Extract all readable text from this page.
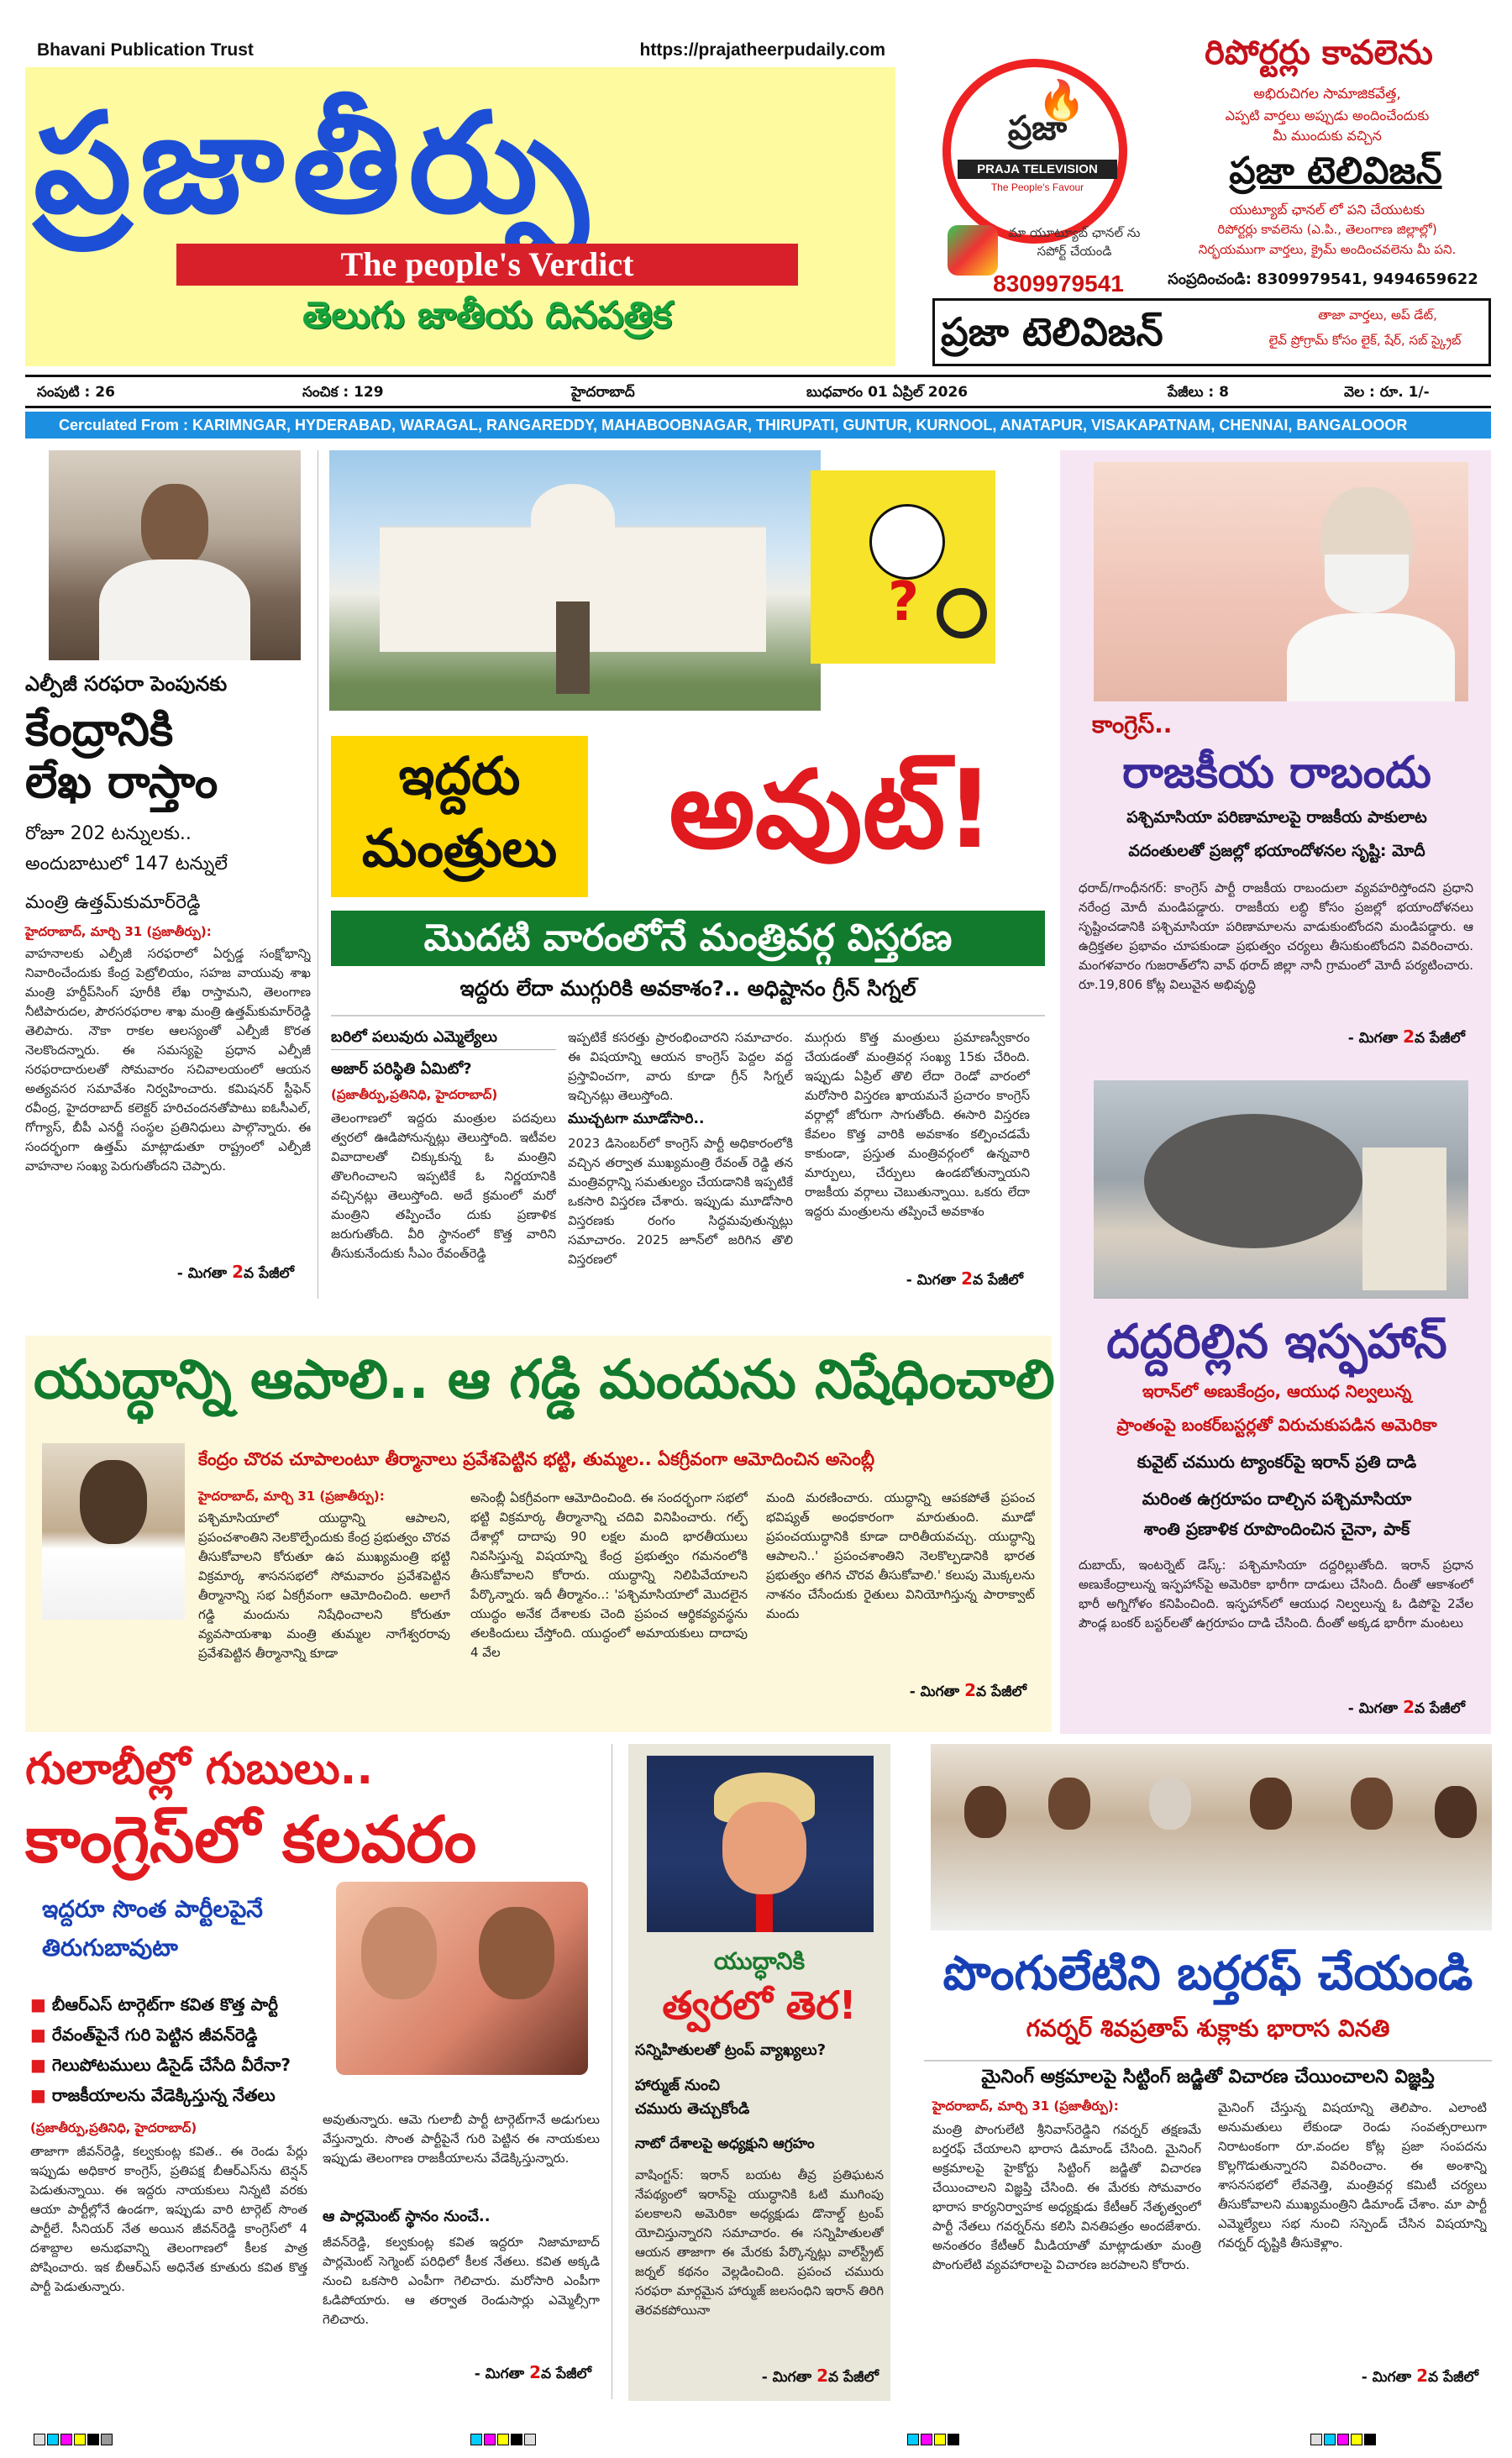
Bhavani Publication Trust	https://prajatheerpudaily.com
ప్రజాతీర్పు
The people's Verdict
తెలుగు జాతీయ దినపత్రిక
రిపోర్టర్లు కావలెను
ప్రజా
🔥
PRAJA TELEVISION
The People's Favour
అభిరుచిగల సామాజికవేత్త,
ఎప్పటి వార్తలు అప్పుడు అందించేందుకు
మీ ముందుకు వచ్చిన
ప్రజా టెలివిజన్
యుట్యూబ్ ఛానల్ లో పని చేయుటకు
రిపోర్టర్లు కావలెను (ఎ.పి., తెలంగాణ జిల్లాల్లో)
నిర్భయముగా వార్తలు, క్రైమ్ అందించవలెను మీ పని.
మా యూట్యూబ్ ఛానల్ ను సపోర్ట్ చేయండి
8309979541	సంప్రదించండి: 8309979541, 9494659622
ప్రజా టెలివిజన్	తాజా వార్తలు, అప్ డేట్,
లైవ్ ప్రోగ్రామ్ కోసం లైక్, షేర్, సబ్ స్క్రైబ్
సంపుటి : 26	సంచిక : 129	హైదరాబాద్	బుధవారం 01 ఏప్రిల్ 2026	పేజీలు : 8	వెల : రూ. 1/-
Cerculated From : KARIMNGAR, HYDERABAD, WARAGAL, RANGAREDDY, MAHABOOBNAGAR, THIRUPATI, GUNTUR, KURNOOL, ANATAPUR, VISAKAPATNAM, CHENNAI, BANGALOOOR
ఎల్పీజీ సరఫరా పెంపునకు
కేంద్రానికి
లేఖ రాస్తాం
రోజూ 202 టన్నులకు..
అందుబాటులో 147 టన్నులే
మంత్రి ఉత్తమ్‌కుమార్‌రెడ్డి
హైదరాబాద్, మార్చి 31 (ప్రజాతీర్పు):
వాహనాలకు ఎల్పీజీ సరఫరాలో ఏర్పడ్డ సంక్షోభాన్ని నివారించేందుకు కేంద్ర పెట్రోలియం, సహజ వాయువు శాఖ మంత్రి హర్దీప్‌సింగ్ పూరీకి లేఖ రాస్తామని, తెలంగాణ నీటిపారుదల, పౌరసరఫరాల శాఖ మంత్రి ఉత్తమ్‌కుమార్‌రెడ్డి తెలిపారు. నౌకా రాకల ఆలస్యంతో ఎల్పీజీ కొరత నెలకొందన్నారు. ఈ సమస్యపై ప్రధాన ఎల్పీజీ సరఫరాదారులతో సోమవారం సచివాలయంలో ఆయన అత్యవసర సమావేశం నిర్వహించారు. కమిషనర్ స్టీఫెన్ రవీంద్ర, హైదరాబాద్ కలెక్టర్ హరిచందనతోపాటు ఐఓసీఎల్, గోగ్యాస్, బీపీ ఎనర్జీ సంస్థల ప్రతినిధులు పాల్గొన్నారు. ఈ సందర్భంగా ఉత్తమ్ మాట్లాడుతూ రాష్ట్రంలో ఎల్పీజీ వాహనాల సంఖ్య పెరుగుతోందని చెప్పారు.
- మిగతా 2వ పేజీలో
?
ఇద్దరు
మంత్రులు	అవుట్!
మొదటి వారంలోనే మంత్రివర్గ విస్తరణ
ఇద్దరు లేదా ముగ్గురికి అవకాశం?.. అధిష్టానం గ్రీన్ సిగ్నల్
బరిలో పలువురు ఎమ్మెల్యేలు
అజార్ పరిస్థితి ఏమిటో?
(ప్రజాతీర్పు,ప్రతినిధి, హైదరాబాద్)
తెలంగాణలో ఇద్దరు మంత్రుల పదవులు త్వరలో ఊడిపోనున్నట్లు తెలుస్తోంది. ఇటీవల వివాదాలతో చిక్కుకున్న ఓ మంత్రిని తొలగించాలని ఇప్పటికే ఓ నిర్ణయానికి వచ్చినట్లు తెలుస్తోంది. అదే క్రమంలో మరో మంత్రిని తప్పించేం దుకు ప్రణాళిక జరుగుతోంది. వీరి స్థానంలో కొత్త వారిని తీసుకునేందుకు సీఎం రేవంత్‌రెడ్డి
ఇప్పటికే కసరత్తు ప్రారంభించారని సమాచారం. ఈ విషయాన్ని ఆయన కాంగ్రెస్ పెద్దల వద్ద ప్రస్తావించగా, వారు కూడా గ్రీన్ సిగ్నల్ ఇచ్చినట్లు తెలుస్తోంది.
ముచ్చటగా మూడోసారి..
2023 డిసెంబర్‌లో కాంగ్రెస్ పార్టీ అధికారంలోకి వచ్చిన తర్వాత ముఖ్యమంత్రి రేవంత్ రెడ్డి తన మంత్రివర్గాన్ని సమతుల్యం చేయడానికి ఇప్పటికే ఒకసారి విస్తరణ చేశారు. ఇప్పుడు మూడోసారి విస్తరణకు రంగం సిద్ధమవుతున్నట్లు సమాచారం. 2025 జూన్‌లో జరిగిన తొలి విస్తరణలో
ముగ్గురు కొత్త మంత్రులు ప్రమాణస్వీకారం చేయడంతో మంత్రివర్గ సంఖ్య 15కు చేరింది. ఇప్పుడు ఏప్రిల్ తొలి లేదా రెండో వారంలో మరోసారి విస్తరణ ఖాయమనే ప్రచారం కాంగ్రెస్ వర్గాల్లో జోరుగా సాగుతోంది. ఈసారి విస్తరణ కేవలం కొత్త వారికి అవకాశం కల్పించడమే కాకుండా, ప్రస్తుత మంత్రివర్గంలో ఉన్నవారి మార్పులు, చేర్పులు ఉండబోతున్నాయని రాజకీయ వర్గాలు చెబుతున్నాయి. ఒకరు లేదా ఇద్దరు మంత్రులను తప్పించే అవకాశం
- మిగతా 2వ పేజీలో
కాంగ్రెస్..
రాజకీయ రాబందు
పశ్చిమాసియా పరిణామాలపై రాజకీయ పాకులాట
వదంతులతో ప్రజల్లో భయాందోళనల సృష్టి: మోదీ
ధరాద్/గాంధీనగర్: కాంగ్రెస్ పార్టీ రాజకీయ రాబందులా వ్యవహరిస్తోందని ప్రధాని నరేంద్ర మోదీ మండిపడ్డారు. రాజకీయ లబ్ధి కోసం ప్రజల్లో భయాందోళనలు సృష్టించడానికి పశ్చిమాసియా పరిణామాలను వాడుకుంటోందని మండిపడ్డారు. ఆ ఉద్రిక్తతల ప్రభావం చూపకుండా ప్రభుత్వం చర్యలు తీసుకుంటోందని వివరించారు. మంగళవారం గుజరాత్‌లోని వావ్ థరాద్ జిల్లా నానీ గ్రామంలో మోదీ పర్యటించారు. రూ.19,806 కోట్ల విలువైన అభివృద్ధి
- మిగతా 2వ పేజీలో
దద్దరిల్లిన ఇస్ఫహాన్
ఇరాన్‌లో అణుకేంద్రం, ఆయుధ నిల్వలున్న
ప్రాంతంపై బంకర్‌బస్టర్లతో విరుచుకుపడిన అమెరికా
కువైట్ చమురు ట్యాంకర్‌పై ఇరాన్ ప్రతి దాడి
మరింత ఉగ్రరూపం దాల్చిన పశ్చిమాసియా
శాంతి ప్రణాళిక రూపొందించిన చైనా, పాక్
దుబాయ్, ఇంటర్నెట్ డెస్క్: పశ్చిమాసియా దద్దరిల్లుతోంది. ఇరాన్ ప్రధాన అణుకేంద్రాలున్న ఇస్ఫహాన్‌పై అమెరికా భారీగా దాడులు చేసింది. దీంతో ఆకాశంలో భారీ అగ్నిగోళం కనిపించింది. ఇస్ఫహాన్‌లో ఆయుధ నిల్వలున్న ఓ డిపోపై 2వేల పౌండ్ల బంకర్ బస్టర్‌లతో ఉగ్రరూపం దాడి చేసింది. దీంతో అక్కడ భారీగా మంటలు
- మిగతా 2వ పేజీలో
యుద్ధాన్ని ఆపాలి.. ఆ గడ్డి మందును నిషేధించాలి
కేంద్రం చొరవ చూపాలంటూ తీర్మానాలు ప్రవేశపెట్టిన భట్టి, తుమ్మల.. ఏకగ్రీవంగా ఆమోదించిన అసెంబ్లీ
హైదరాబాద్, మార్చి 31 (ప్రజాతీర్పు):
పశ్చిమాసియాలో యుద్ధాన్ని ఆపాలని, ప్రపంచశాంతిని నెలకొల్పేందుకు కేంద్ర ప్రభుత్వం చొరవ తీసుకోవాలని కోరుతూ ఉప ముఖ్యమంత్రి భట్టి విక్రమార్క శాసనసభలో సోమవారం ప్రవేశపెట్టిన తీర్మానాన్ని సభ ఏకగ్రీవంగా ఆమోదించింది. అలాగే గడ్డి మందును నిషేధించాలని కోరుతూ వ్యవసాయశాఖ మంత్రి తుమ్మల నాగేశ్వరరావు ప్రవేశపెట్టిన తీర్మానాన్ని కూడా
అసెంబ్లీ ఏకగ్రీవంగా ఆమోదించింది. ఈ సందర్భంగా సభలో భట్టి విక్రమార్క తీర్మానాన్ని చదివి వినిపించారు. గల్ఫ్ దేశాల్లో దాదాపు 90 లక్షల మంది భారతీయులు నివసిస్తున్న విషయాన్ని కేంద్ర ప్రభుత్వం గమనంలోకి తీసుకోవాలని కోరారు. యుద్ధాన్ని నిలిపివేయాలని పేర్కొన్నారు. ఇదీ తీర్మానం..: 'పశ్చిమాసియాలో మొదలైన యుద్ధం అనేక దేశాలకు చెంది ప్రపంచ ఆర్థికవ్యవస్థను తలకిందులు చేస్తోంది. యుద్ధంలో అమాయకులు దాదాపు 4 వేల
మంది మరణించారు. యుద్ధాన్ని ఆపకపోతే ప్రపంచ భవిష్యత్ అంధకారంగా మారుతుంది. మూడో ప్రపంచయుద్ధానికి కూడా దారితీయవచ్చు. యుద్ధాన్ని ఆపాలని..' ప్రపంచశాంతిని నెలకొల్పడానికి భారత ప్రభుత్వం తగిన చొరవ తీసుకోవాలి.' కలుపు మొక్కలను నాశనం చేసేందుకు రైతులు వినియోగిస్తున్న పారాక్వాట్ మందు
- మిగతా 2వ పేజీలో
గులాబీల్లో గుబులు..
కాంగ్రెస్‌లో కలవరం
ఇద్దరూ సొంత పార్టీలపైనే
తిరుగుబావుటా
■ బీఆర్ఎస్ టార్గెట్‌గా కవిత కొత్త పార్టీ
■ రేవంత్‌పైనే గురి పెట్టిన జీవన్‌రెడ్డి
■ గెలుపోటములు డిసైడ్ చేసేది వీరేనా?
■ రాజకీయాలను వేడెక్కిస్తున్న నేతలు
(ప్రజాతీర్పు,ప్రతినిధి, హైదరాబాద్)
తాజాగా జీవన్‌రెడ్డి, కల్వకుంట్ల కవిత.. ఈ రెండు పేర్లు ఇప్పుడు అధికార కాంగ్రెస్, ప్రతిపక్ష బీఆర్ఎస్‌ను టెన్షన్ పెడుతున్నాయి. ఈ ఇద్దరు నాయకులు నిన్నటి వరకు ఆయా పార్టీల్లోనే ఉండగా, ఇప్పుడు వారి టార్గెట్ సొంత పార్టీలే. సీనియర్ నేత అయిన జీవన్‌రెడ్డి కాంగ్రెస్‌లో 4 దశాబ్దాల అనుభవాన్ని తెలంగాణలో కీలక పాత్ర పోషించారు. ఇక బీఆర్ఎస్ అధినేత కూతురు కవిత కొత్త పార్టీ పెడుతున్నారు.
అవుతున్నారు. ఆమె గులాబీ పార్టీ టార్గెట్‌గానే అడుగులు వేస్తున్నారు. సొంత పార్టీపైనే గురి పెట్టిన ఈ నాయకులు ఇప్పుడు తెలంగాణ రాజకీయాలను వేడెక్కిస్తున్నారు.
ఆ పార్లమెంట్ స్థానం నుంచే..
జీవన్‌రెడ్డి, కల్వకుంట్ల కవిత ఇద్దరూ నిజామాబాద్ పార్లమెంట్ సెగ్మెంట్ పరిధిలో కీలక నేతలు. కవిత అక్కడి నుంచి ఒకసారి ఎంపీగా గెలిచారు. మరోసారి ఎంపీగా ఓడిపోయారు. ఆ తర్వాత రెండుసార్లు ఎమ్మెల్సీగా గెలిచారు.
- మిగతా 2వ పేజీలో
యుద్ధానికి
త్వరలో తెర!
సన్నిహితులతో ట్రంప్ వ్యాఖ్యలు?
హార్ముజ్ నుంచి
చమురు తెచ్చుకోండి
నాటో దేశాలపై అధ్యక్షుని ఆగ్రహం
వాషింగ్టన్: ఇరాన్ బయట తీవ్ర ప్రతిఘటన నేపథ్యంలో ఇరాన్‌పై యుద్ధానికి ఓటి ముగింపు పలకాలని అమెరికా అధ్యక్షుడు డొనాల్డ్ ట్రంప్ యోచిస్తున్నారని సమాచారం. ఈ సన్నిహితులతో ఆయన తాజాగా ఈ మేరకు పేర్కొన్నట్లు వాల్‌స్ట్రీట్ జర్నల్ కథనం వెల్లడించింది. ప్రపంచ చమురు సరఫరా మార్గమైన హార్ముజ్ జలసంధిని ఇరాన్ తిరిగి తెరవకపోయినా
- మిగతా 2వ పేజీలో
పొంగులేటిని బర్తరఫ్ చేయండి
గవర్నర్ శివప్రతాప్ శుక్లాకు భారాస వినతి
మైనింగ్ అక్రమాలపై సిట్టింగ్ జడ్జితో విచారణ చేయించాలని విజ్ఞప్తి
హైదరాబాద్, మార్చి 31 (ప్రజాతీర్పు):
మంత్రి పొంగులేటి శ్రీనివాస్‌రెడ్డిని గవర్నర్ తక్షణమే బర్తరఫ్ చేయాలని భారాస డిమాండ్ చేసింది. మైనింగ్ అక్రమాలపై హైకోర్టు సిట్టింగ్ జడ్జితో విచారణ చేయించాలని విజ్ఞప్తి చేసింది. ఈ మేరకు సోమవారం భారాస కార్యనిర్వాహక అధ్యక్షుడు కేటీఆర్ నేతృత్వంలో పార్టీ నేతలు గవర్నర్‌ను కలిసి వినతిపత్రం అందజేశారు. అనంతరం కేటీఆర్ మీడియాతో మాట్లాడుతూ మంత్రి పొంగులేటి వ్యవహారాలపై విచారణ జరపాలని కోరారు.
మైనింగ్ చేస్తున్న విషయాన్ని తెలిపాం. ఎలాంటి అనుమతులు లేకుండా రెండు సంవత్సరాలుగా నిరాటంకంగా రూ.వందల కోట్ల ప్రజా సంపదను కొల్లగొడుతున్నారని వివరించాం. ఈ అంశాన్ని శాసనసభలో లేవనెత్తి, మంత్రివర్గ కమిటీ చర్యలు తీసుకోవాలని ముఖ్యమంత్రిని డిమాండ్ చేశాం. మా పార్టీ ఎమ్మెల్యేలు సభ నుంచి సస్పెండ్ చేసిన విషయాన్ని గవర్నర్ దృష్టికి తీసుకెళ్లాం.
- మిగతా 2వ పేజీలో
